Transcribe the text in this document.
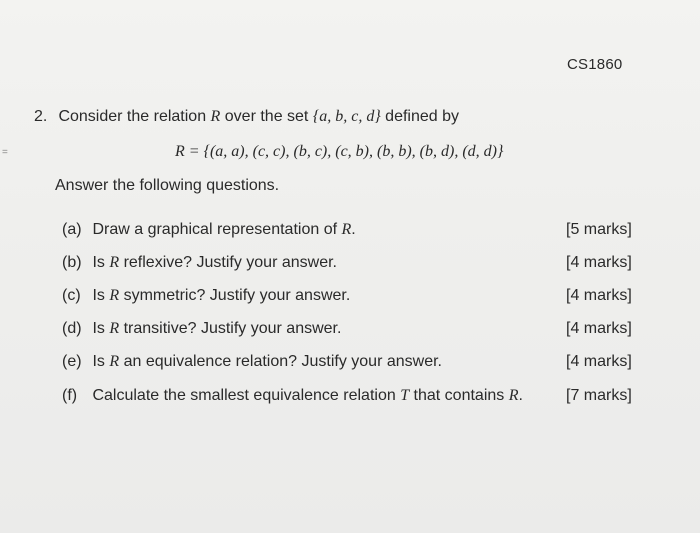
=
CS1860
2. Consider the relation R over the set {a, b, c, d} defined by
R = {(a, a), (c, c), (b, c), (c, b), (b, b), (b, d), (d, d)}
Answer the following questions.
(a) Draw a graphical representation of R.	[5 marks]
(b) Is R reflexive? Justify your answer.	[4 marks]
(c) Is R symmetric? Justify your answer.	[4 marks]
(d) Is R transitive? Justify your answer.	[4 marks]
(e) Is R an equivalence relation? Justify your answer.	[4 marks]
(f) Calculate the smallest equivalence relation T that contains R.	[7 marks]
